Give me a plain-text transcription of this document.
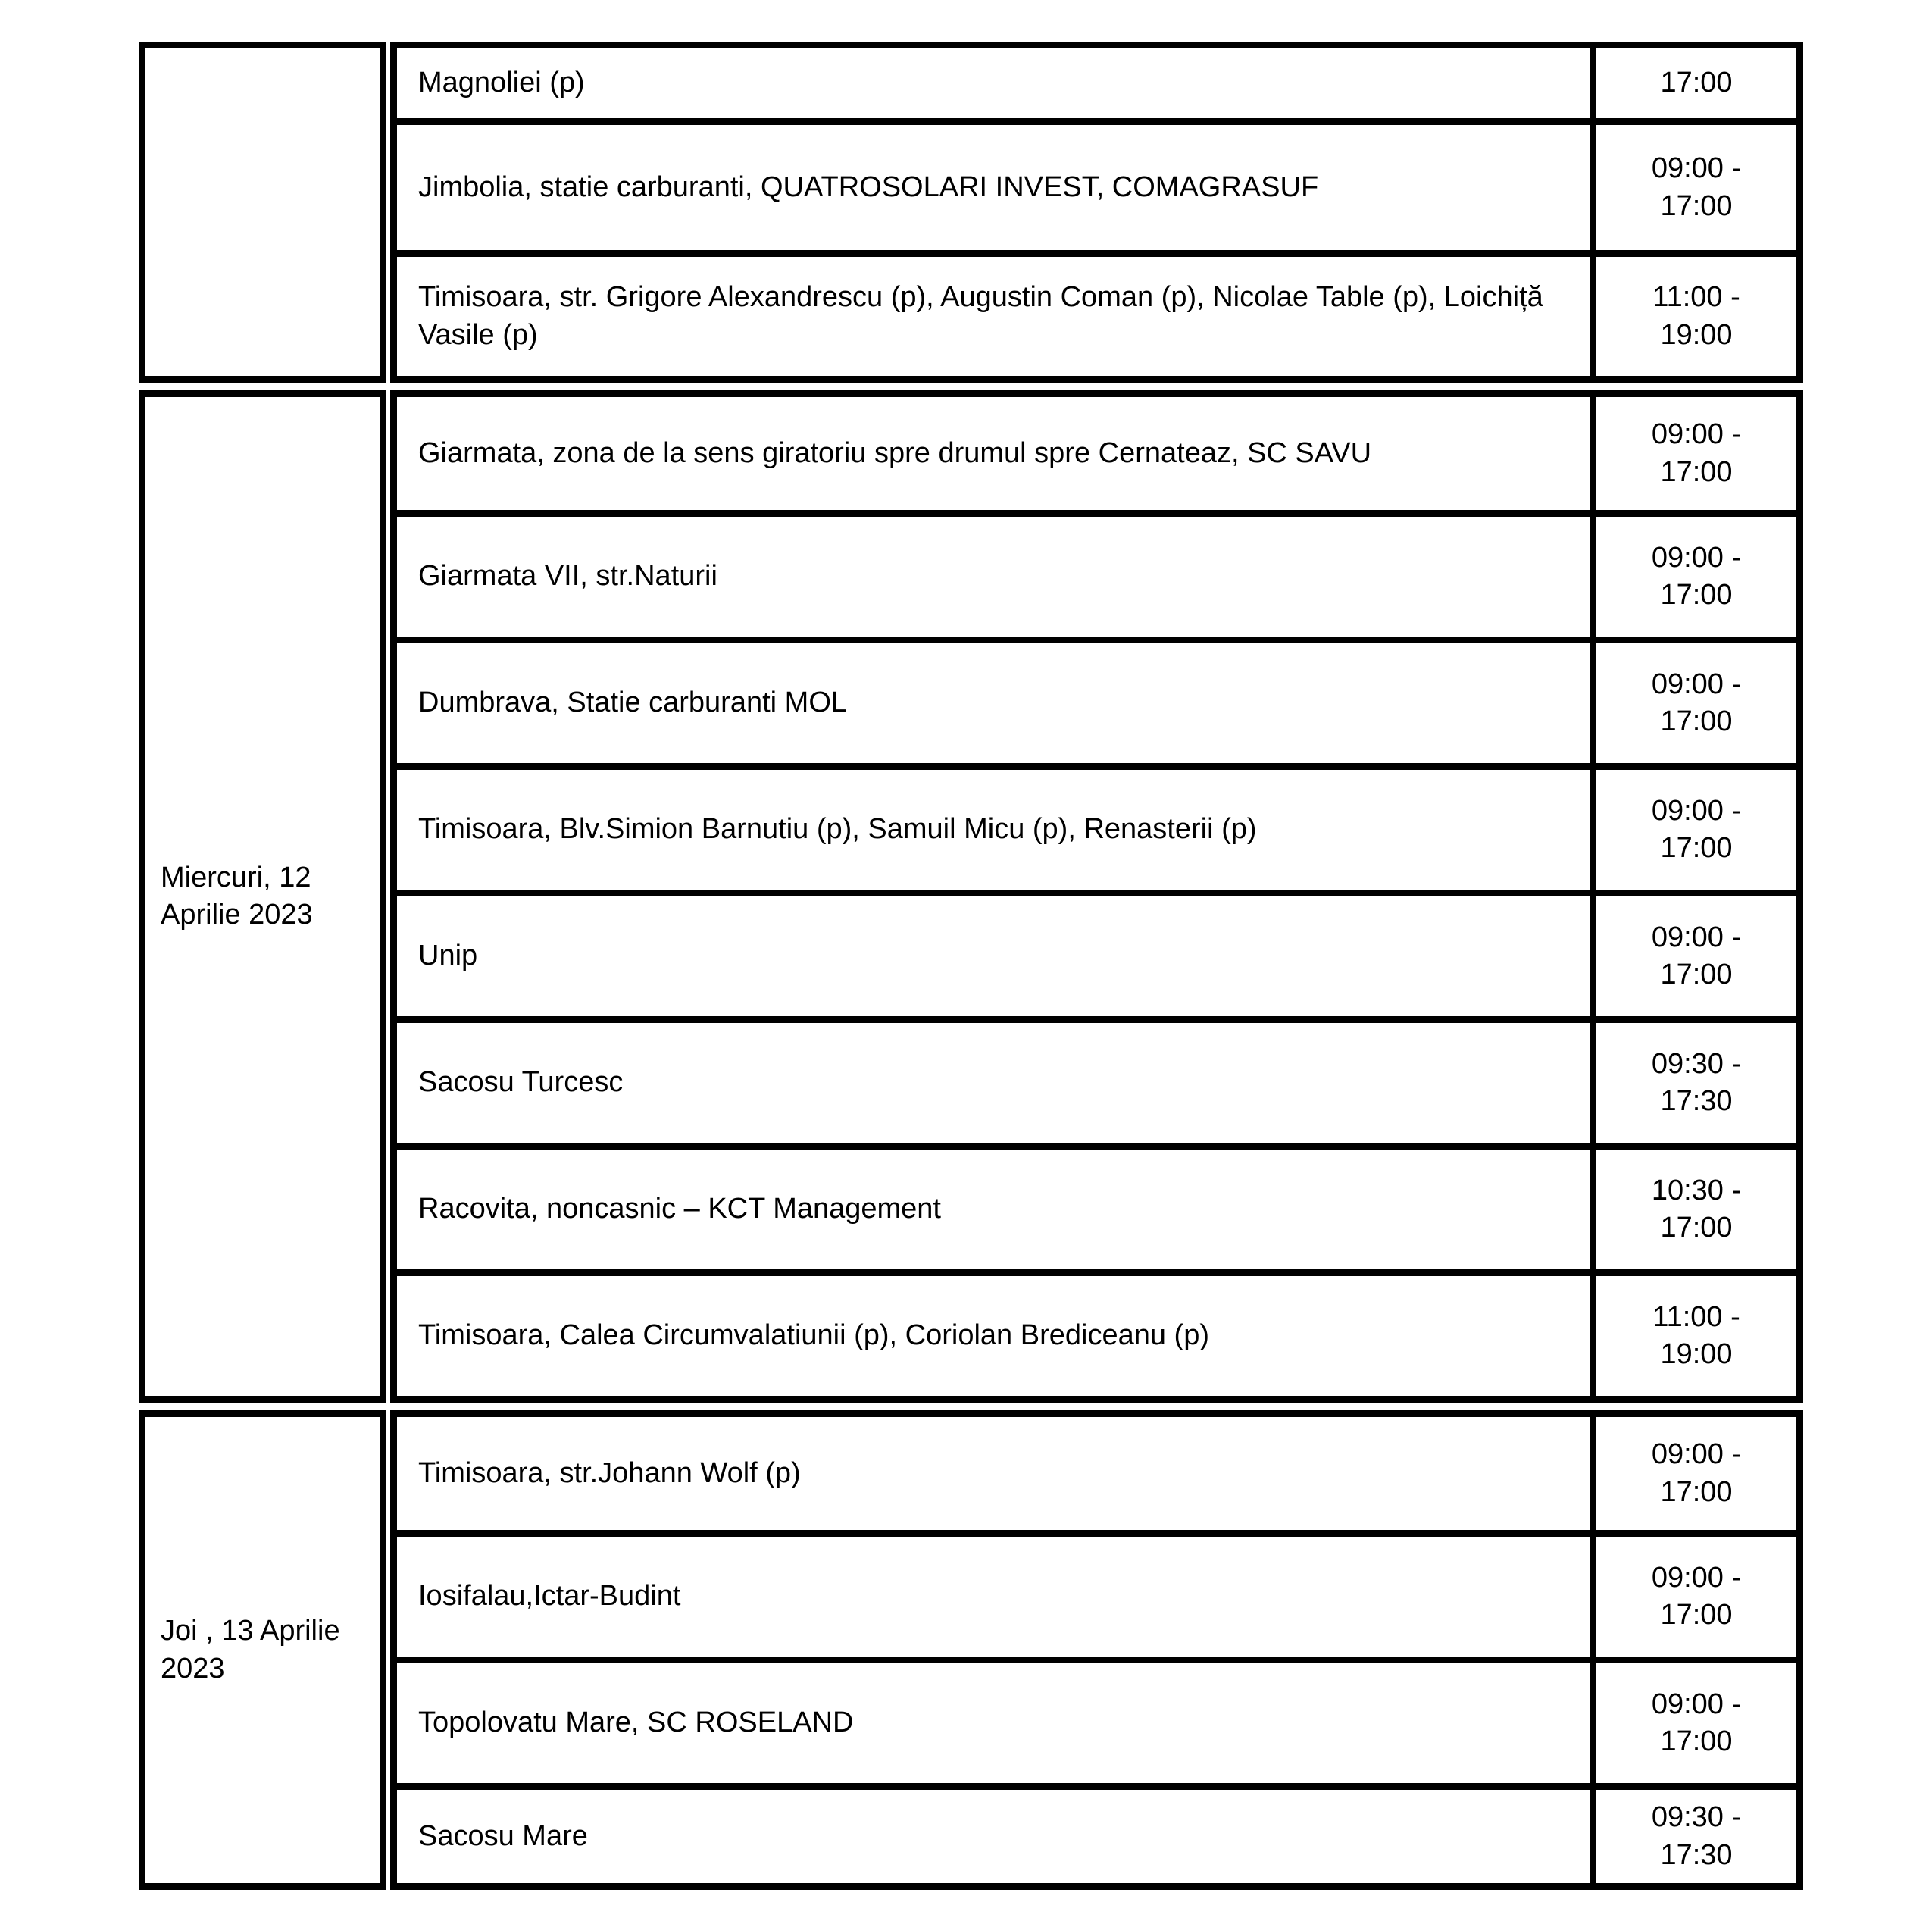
Magnoliei (p)	17:00
Jimbolia, statie carburanti, QUATROSOLARI INVEST, COMAGRASUF
09:00 -
17:00
Timisoara, str. Grigore Alexandrescu (p), Augustin Coman (p), Nicolae Table (p), Loichiță Vasile (p)
11:00 -
19:00
Miercuri, 12 Aprilie 2023
Giarmata, zona de la sens giratoriu spre drumul spre Cernateaz, SC SAVU
09:00 -
17:00
Giarmata VII, str.Naturii
09:00 -
17:00
Dumbrava, Statie carburanti MOL
09:00 -
17:00
Timisoara, Blv.Simion Barnutiu (p), Samuil Micu (p), Renasterii (p)
09:00 -
17:00
Unip
09:00 -
17:00
Sacosu Turcesc
09:30 -
17:30
Racovita, noncasnic – KCT Management
10:30 -
17:00
Timisoara, Calea Circumvalatiunii (p), Coriolan Brediceanu (p)
11:00 -
19:00
Joi , 13 Aprilie 2023
Timisoara, str.Johann Wolf (p)
09:00 -
17:00
Iosifalau,Ictar-Budint
09:00 -
17:00
Topolovatu Mare, SC ROSELAND
09:00 -
17:00
Sacosu Mare
09:30 -
17:30
